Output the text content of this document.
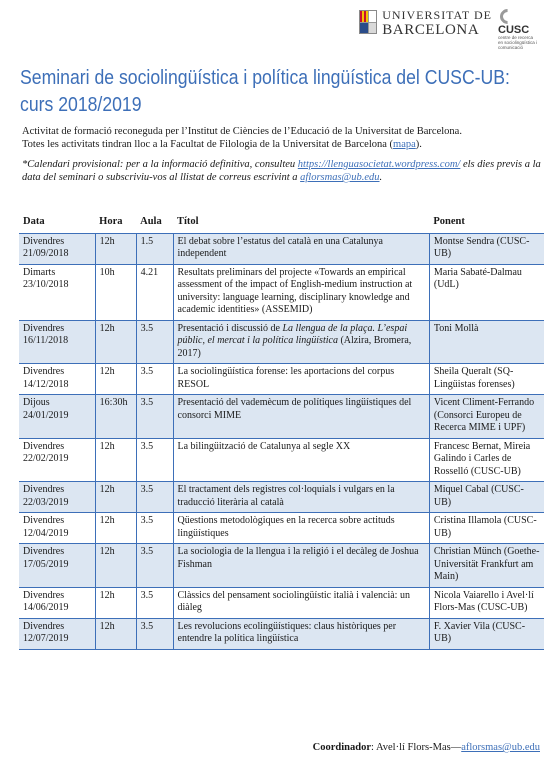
UNIVERSITAT DE
BARCELONA	CUSC
centre de recerca en sociolingüística i comunicació
Seminari de sociolingüística i política lingüística del CUSC-UB: curs 2018/2019
Activitat de formació reconeguda per l’Institut de Ciències de l’Educació de la Universitat de Barcelona.
Totes les activitats tindran lloc a la Facultat de Filologia de la Universitat de Barcelona (mapa).
*Calendari provisional: per a la informació definitiva, consulteu https://llenguasocietat.wordpress.com/ els dies previs a la data del seminari o subscriviu-vos al llistat de correus escrivint a aflorsmas@ub.edu.
Data	Hora	Aula	Títol	Ponent
Divendres 21/09/2018	12h	1.5	El debat sobre l’estatus del català en una Catalunya independent	Montse Sendra (CUSC-UB)
Dimarts 23/10/2018	10h	4.21	Resultats preliminars del projecte «Towards an empirical assessment of the impact of English-medium instruction at university: language learning, disciplinary knowledge and academic identities» (ASSEMID)	Maria Sabaté-Dalmau (UdL)
Divendres 16/11/2018	12h	3.5	Presentació i discussió de La llengua de la plaça. L’espai públic, el mercat i la política lingüística (Alzira, Bromera, 2017)	Toni Mollà
Divendres 14/12/2018	12h	3.5	La sociolingüística forense: les aportacions del corpus RESOL	Sheila Queralt (SQ-Lingüistas forenses)
Dijous 24/01/2019	16:30h	3.5	Presentació del vademècum de polítiques lingüístiques del consorci MIME	Vicent Climent-Ferrando (Consorci Europeu de Recerca MIME i UPF)
Divendres 22/02/2019	12h	3.5	La bilingüització de Catalunya al segle XX	Francesc Bernat, Mireia Galindo i Carles de Rosselló (CUSC-UB)
Divendres 22/03/2019	12h	3.5	El tractament dels registres col·loquials i vulgars en la traducció literària al català	Miquel Cabal (CUSC-UB)
Divendres 12/04/2019	12h	3.5	Qüestions metodològiques en la recerca sobre actituds lingüístiques	Cristina Illamola (CUSC-UB)
Divendres 17/05/2019	12h	3.5	La sociologia de la llengua i la religió i el decàleg de Joshua Fishman	Christian Münch (Goethe-Universität Frankfurt am Main)
Divendres 14/06/2019	12h	3.5	Clàssics del pensament sociolingüístic italià i valencià: un diàleg	Nicola Vaiarello i Avel·lí Flors-Mas (CUSC-UB)
Divendres 12/07/2019	12h	3.5	Les revolucions ecolingüístiques: claus històriques per entendre la política lingüística	F. Xavier Vila (CUSC-UB)
Coordinador: Avel·lí Flors-Mas—aflorsmas@ub.edu
